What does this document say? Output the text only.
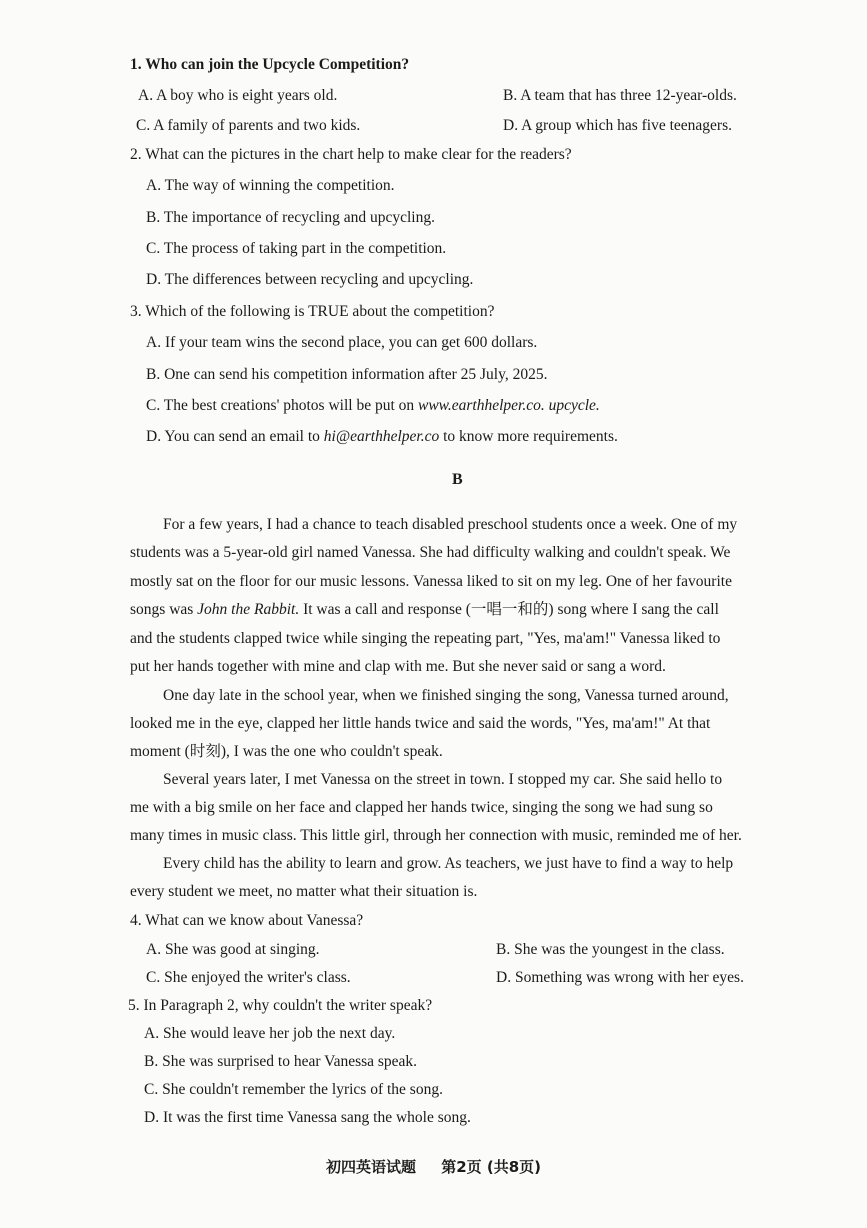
1. Who can join the Upcycle Competition?
A. A boy who is eight years old.	B. A team that has three 12-year-olds.
C. A family of parents and two kids.	D. A group which has five teenagers.
2. What can the pictures in the chart help to make clear for the readers?
A. The way of winning the competition.
B. The importance of recycling and upcycling.
C. The process of taking part in the competition.
D. The differences between recycling and upcycling.
3. Which of the following is TRUE about the competition?
A. If your team wins the second place, you can get 600 dollars.
B. One can send his competition information after 25 July, 2025.
C. The best creations' photos will be put on www.earthhelper.co. upcycle.
D. You can send an email to hi@earthhelper.co to know more requirements.
B
For a few years, I had a chance to teach disabled preschool students once a week. One of my
students was a 5-year-old girl named Vanessa. She had difficulty walking and couldn't speak. We
mostly sat on the floor for our music lessons. Vanessa liked to sit on my leg. One of her favourite
songs was John the Rabbit. It was a call and response (一唱一和的) song where I sang the call
and the students clapped twice while singing the repeating part, "Yes, ma'am!" Vanessa liked to
put her hands together with mine and clap with me. But she never said or sang a word.
One day late in the school year, when we finished singing the song, Vanessa turned around,
looked me in the eye, clapped her little hands twice and said the words, "Yes, ma'am!" At that
moment (时刻), I was the one who couldn't speak.
Several years later, I met Vanessa on the street in town. I stopped my car. She said hello to
me with a big smile on her face and clapped her hands twice, singing the song we had sung so
many times in music class. This little girl, through her connection with music, reminded me of her.
Every child has the ability to learn and grow. As teachers, we just have to find a way to help
every student we meet, no matter what their situation is.
4. What can we know about Vanessa?
A. She was good at singing.	B. She was the youngest in the class.
C. She enjoyed the writer's class.	D. Something was wrong with her eyes.
5. In Paragraph 2, why couldn't the writer speak?
A. She would leave her job the next day.
B. She was surprised to hear Vanessa speak.
C. She couldn't remember the lyrics of the song.
D. It was the first time Vanessa sang the whole song.
初四英语试题 第2页 (共8页)
